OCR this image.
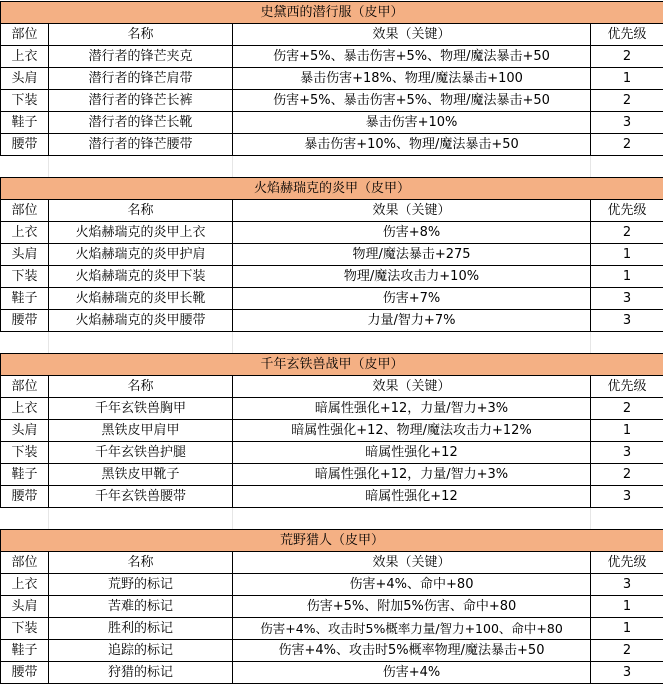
史黛西的潜行服（皮甲）			
部位	名称	效果（关键）	优先级
上衣	潜行者的锋芒夹克	伤害+5%、暴击伤害+5%、物理/魔法暴击+50	2
头肩	潜行者的锋芒肩带	暴击伤害+18%、物理/魔法暴击+100	1
下装	潜行者的锋芒长裤	伤害+5%、暴击伤害+5%、物理/魔法暴击+50	2
鞋子	潜行者的锋芒长靴	暴击伤害+10%	3
腰带	潜行者的锋芒腰带	暴击伤害+10%、物理/魔法暴击+50	2
火焰赫瑞克的炎甲（皮甲）			
部位	名称	效果（关键）	优先级
上衣	火焰赫瑞克的炎甲上衣	伤害+8%	2
头肩	火焰赫瑞克的炎甲护肩	物理/魔法暴击+275	1
下装	火焰赫瑞克的炎甲下装	物理/魔法攻击力+10%	1
鞋子	火焰赫瑞克的炎甲长靴	伤害+7%	3
腰带	火焰赫瑞克的炎甲腰带	力量/智力+7%	3
千年玄铁兽战甲（皮甲）			
部位	名称	效果（关键）	优先级
上衣	千年玄铁兽胸甲	暗属性强化+12，力量/智力+3%	2
头肩	黑铁皮甲肩甲	暗属性强化+12、物理/魔法攻击力+12%	1
下装	千年玄铁兽护腿	暗属性强化+12	3
鞋子	黑铁皮甲靴子	暗属性强化+12，力量/智力+3%	2
腰带	千年玄铁兽腰带	暗属性强化+12	3
荒野猎人（皮甲）			
部位	名称	效果（关键）	优先级
上衣	荒野的标记	伤害+4%、命中+80	3
头肩	苦难的标记	伤害+5%、附加5%伤害、命中+80	1
下装	胜利的标记	伤害+4%、攻击时5%概率力量/智力+100、命中+80	1
鞋子	追踪的标记	伤害+4%、攻击时5%概率物理/魔法暴击+50	2
腰带	狩猎的标记	伤害+4%	3
